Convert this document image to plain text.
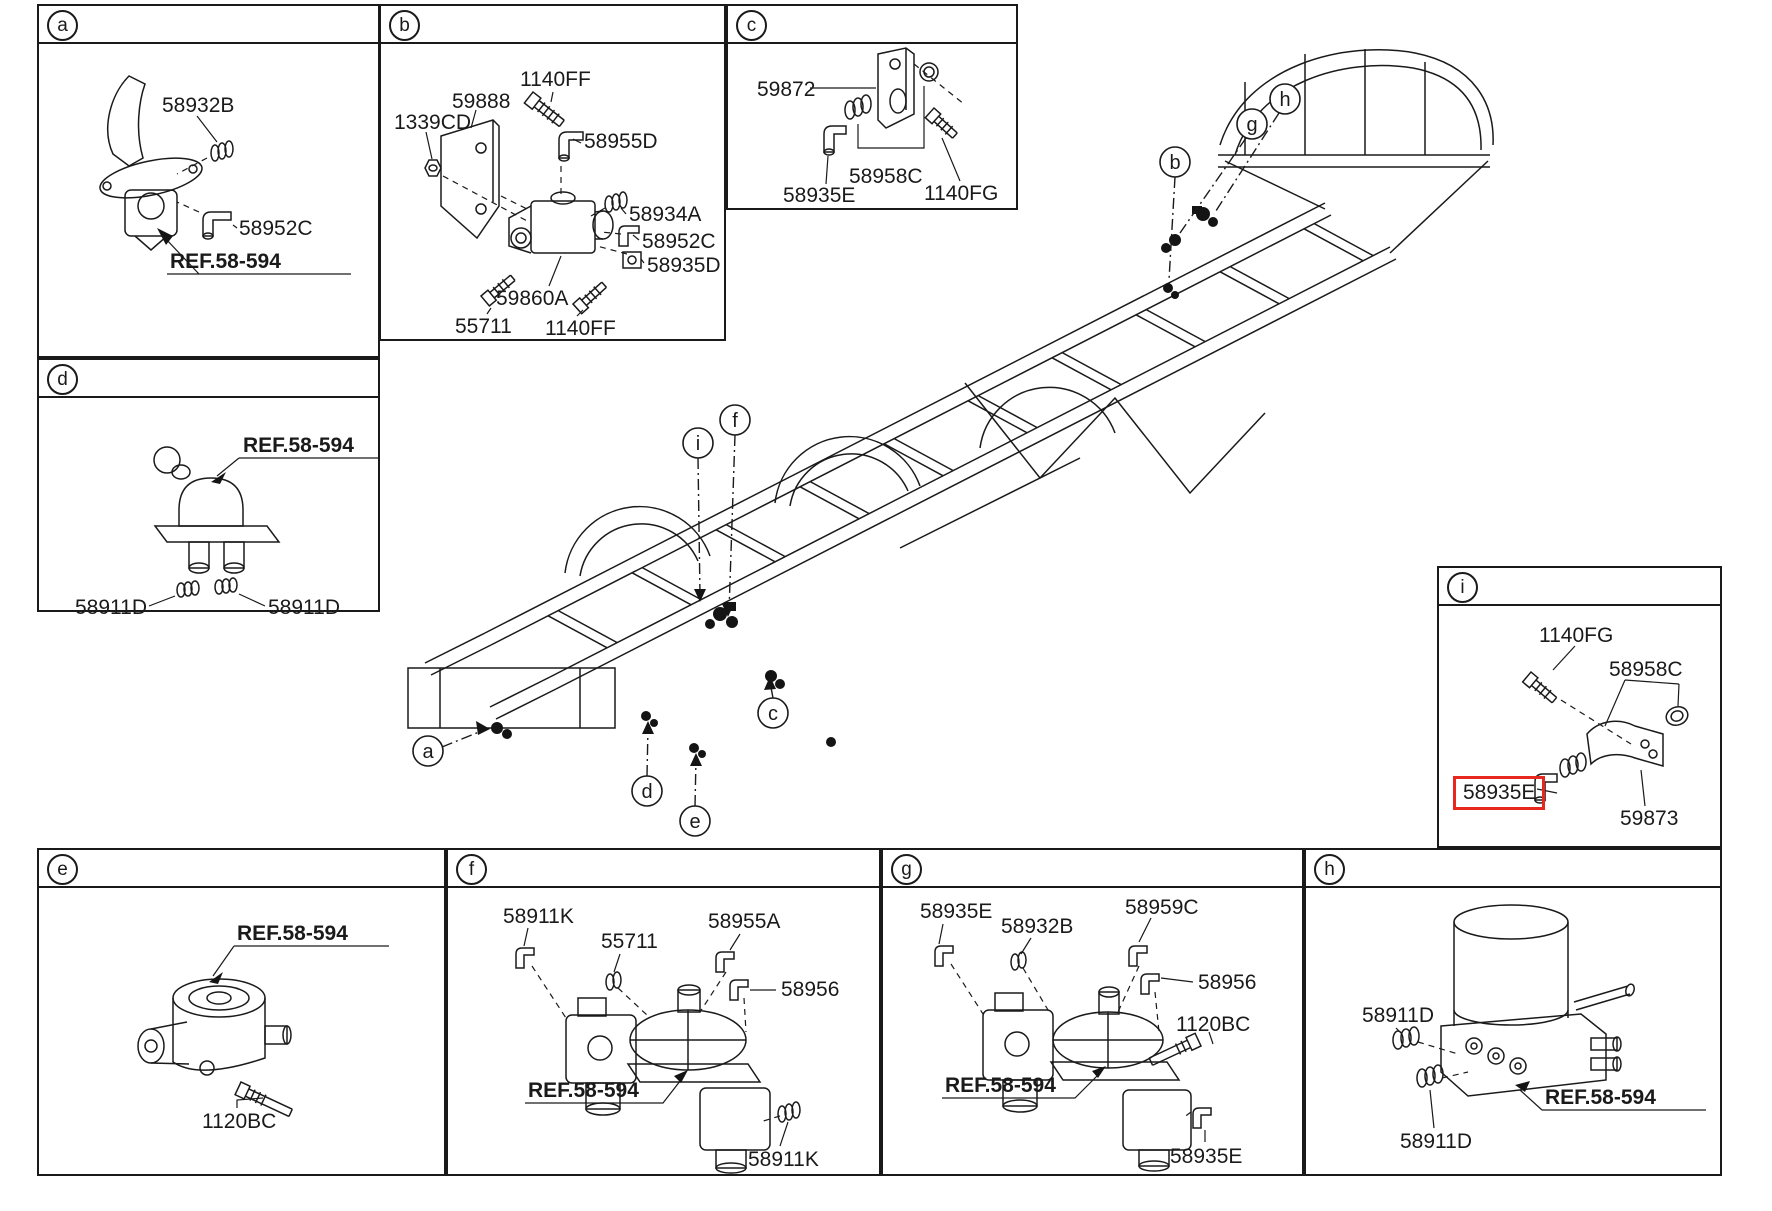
a
b
c
d
e
f
g
h
i
a
58932B
58952C
REF.58-594
b
1140FF
59888
1339CD
58955D
58934A
58952C
58935D
59860A
55711 1140FF
c
59872
58958C
58935E	1140FG
d
REF.58-594
58911D	58911D
i
1140FG
58958C
58935E
59873
e
REF.58-594
1120BC
f
58911K
55711
58955A
58956
REF.58-594
58911K
g
58935E
58932B
58959C
58956
1120BC
REF.58-594
58935E
h
58911D
REF.58-594
58911D
